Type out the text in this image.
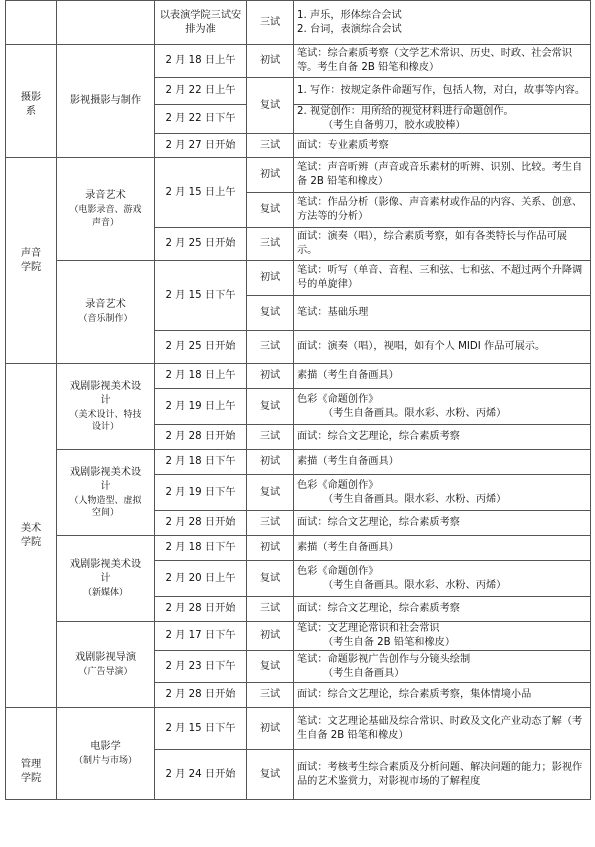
		以表演学院三试安排为准	三试	1. 声乐，形体综合会试
2. 台词，表演综合会试

摄影系	影视摄影与制作	2 月 18 日上午	初试	笔试：综合素质考察（文学艺术常识、历史、时政、社会常识等。考生自备 2B 铅笔和橡皮）

		2 月 22 日上午	复试	1. 写作：按规定条件命题写作，包括人物，对白，故事等内容。

		2 月 22 日下午		2. 视觉创作：用所给的视觉材料进行命题创作。
（考生自备剪刀，胶水或胶棒）

		2 月 27 日开始	三试	面试：专业素质考察

声音学院	录音艺术
（电影录音、游戏声音）	2 月 15 日上午	初试	笔试：声音听辨（声音或音乐素材的听辨、识别、比较。考生自备 2B 铅笔和橡皮）

			复试	笔试：作品分析（影像、声音素材或作品的内容、关系、创意、方法等的分析）

		2 月 25 日开始	三试	面试：演奏（唱），综合素质考察，如有各类特长与作品可展示。

	录音艺术
（音乐制作）	2 月 15 日下午	初试	笔试：听写（单音、音程、三和弦、七和弦、不超过两个升降调号的单旋律）

			复试	笔试：基础乐理

		2 月 25 日开始	三试	面试：演奏（唱），视唱，如有个人 MIDI 作品可展示。

美术学院	戏剧影视美术设计
（美术设计、特技设计）	2 月 18 日上午	初试	素描（考生自备画具）

		2 月 19 日上午	复试	色彩《命题创作》
（考生自备画具。限水彩、水粉、丙烯）

		2 月 28 日开始	三试	面试：综合文艺理论，综合素质考察

	戏剧影视美术设计
（人物造型、虚拟空间）	2 月 18 日下午	初试	素描（考生自备画具）

		2 月 19 日下午	复试	色彩《命题创作》
（考生自备画具。限水彩、水粉、丙烯）

		2 月 28 日开始	三试	面试：综合文艺理论，综合素质考察

	戏剧影视美术设计
（新媒体）	2 月 18 日下午	初试	素描（考生自备画具）

		2 月 20 日上午	复试	色彩《命题创作》
（考生自备画具。限水彩、水粉、丙烯）

		2 月 28 日开始	三试	面试：综合文艺理论，综合素质考察

	戏剧影视导演
（广告导演）	2 月 17 日下午	初试	笔试：文艺理论常识和社会常识
（考生自备 2B 铅笔和橡皮）

		2 月 23 日下午	复试	笔试：命题影视广告创作与分镜头绘制
（考生自备画具）

		2 月 28 日开始	三试	面试：综合文艺理论，综合素质考察，集体情境小品

管理学院	电影学
（制片与市场）	2 月 15 日下午	初试	笔试：文艺理论基础及综合常识、时政及文化产业动态了解（考生自备 2B 铅笔和橡皮）

		2 月 24 日开始	复试	面试：考核考生综合素质及分析问题、解决问题的能力；影视作品的艺术鉴赏力，对影视市场的了解程度
